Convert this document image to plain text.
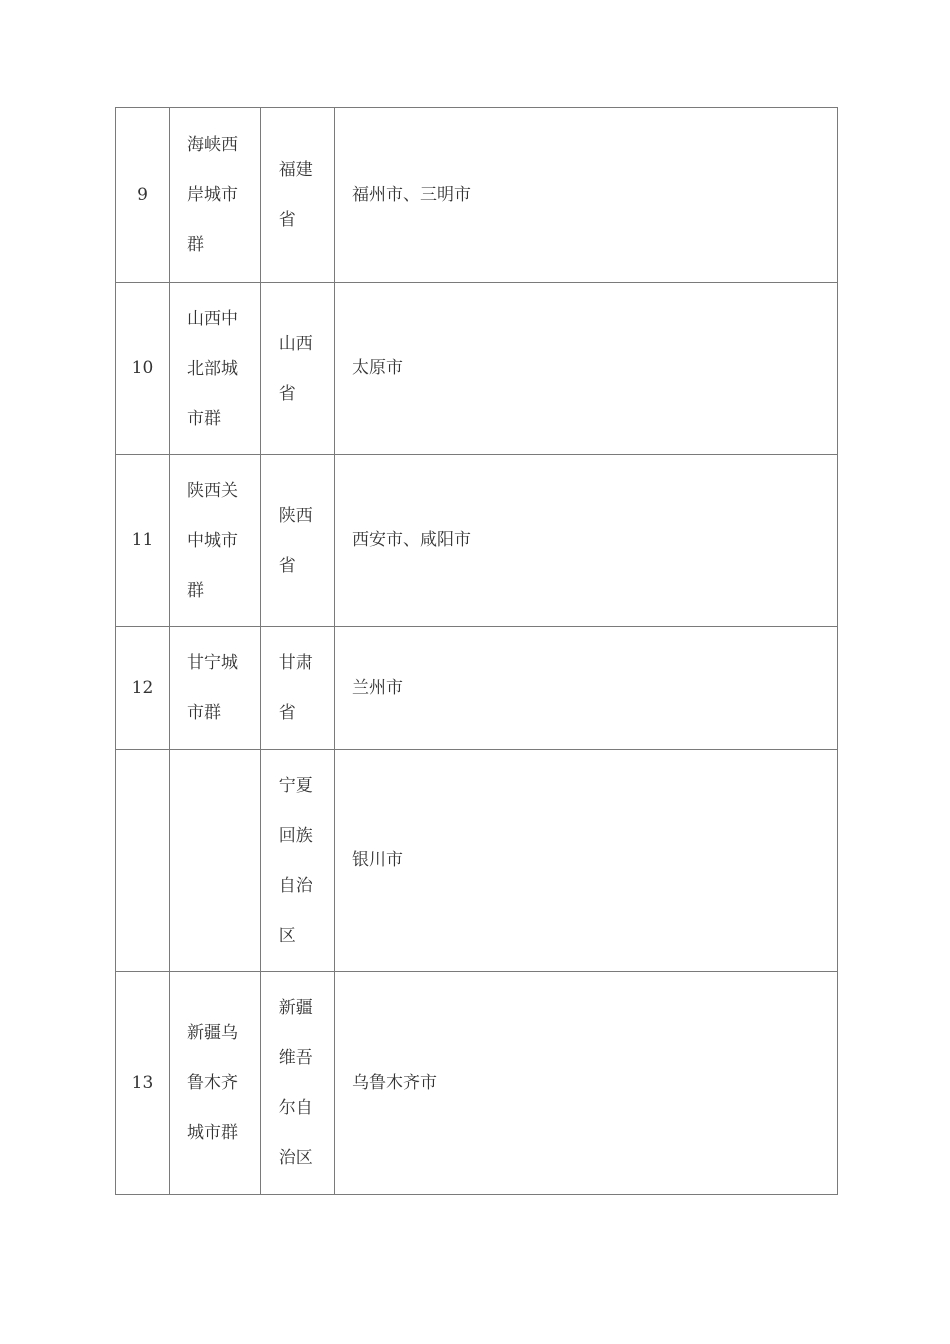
9	海峡西岸城市群	福建省	福州市、三明市
10	山西中北部城市群	山西省	太原市
11	陕西关中城市群	陕西省	西安市、咸阳市
12	甘宁城市群	甘肃省	兰州市

		宁夏回族自治区	银川市
13	新疆乌鲁木齐城市群	新疆维吾尔自治区	乌鲁木齐市
